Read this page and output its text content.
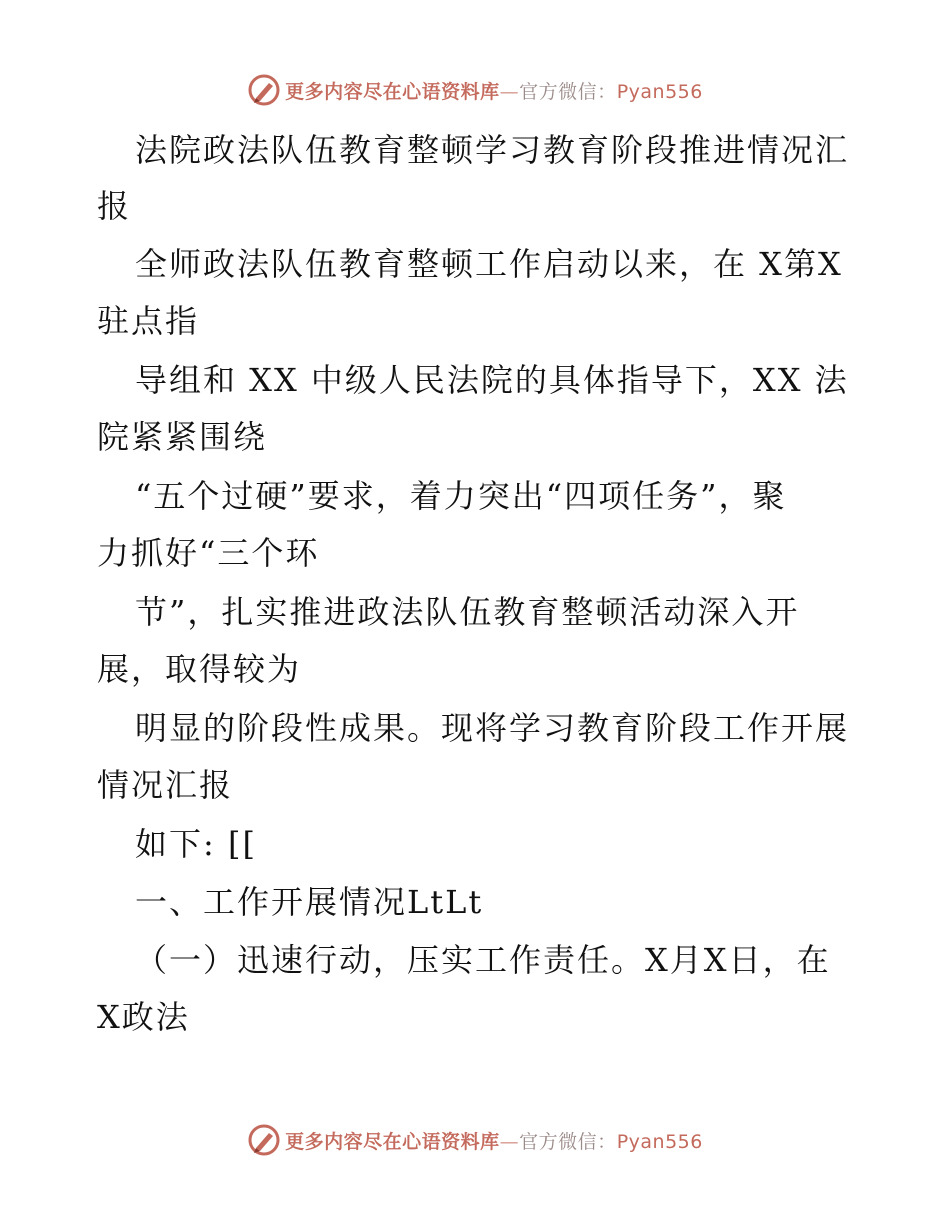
更多内容尽在心语资料库—官方微信：Pyan556
法院政法队伍教育整顿学习教育阶段推进情况汇
报
全师政法队伍教育整顿工作启动以来，在 X第X
驻点指
导组和 XX 中级人民法院的具体指导下，XX 法
院紧紧围绕
“五个过硬”要求，着力突出“四项任务”，聚
力抓好“三个环
节”，扎实推进政法队伍教育整顿活动深入开
展，取得较为
明显的阶段性成果。现将学习教育阶段工作开展
情况汇报
如下: [[
一、工作开展情况LtLt
（一）迅速行动，压实工作责任。X月X日，在
X政法
更多内容尽在心语资料库—官方微信：Pyan556
